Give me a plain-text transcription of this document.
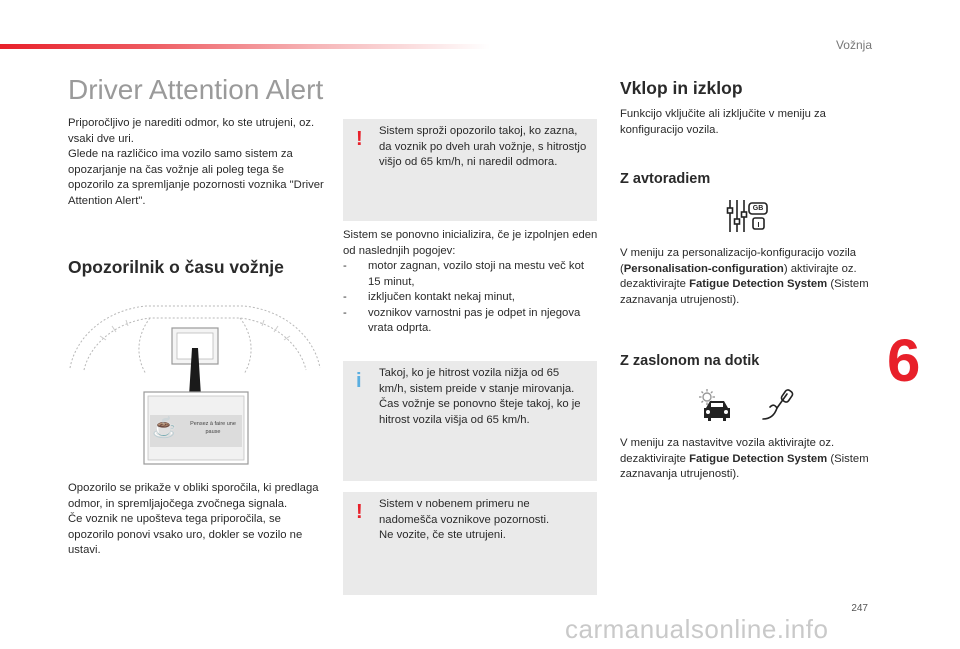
Vožnja
Driver Attention Alert

Priporočljivo je narediti odmor, ko ste utrujeni, oz. vsaki dve uri.

Glede na različico ima vozilo samo sistem za opozarjanje na čas vožnje ali poleg tega še opozorilo za spremljanje pozornosti voznika "Driver Attention Alert".

Opozorilnik o času vožnje
☕	Pensez à faire une
pause

Opozorilo se prikaže v obliki sporočila, ki predlaga odmor, in spremljajočega zvočnega signala.

Če voznik ne upošteva tega priporočila, se opozorilo ponovi vsako uro, dokler se vozilo ne ustavi.

! Sistem sproži opozorilo takoj, ko zazna, da voznik po dveh urah vožnje, s hitrostjo višjo od 65 km/h, ni naredil odmora.

Sistem se ponovno inicializira, če je izpolnjen eden od naslednjih pogojev:

- motor zagnan, vozilo stoji na mestu več kot 15 minut,
- izključen kontakt nekaj minut,
- voznikov varnostni pas je odpet in njegova vrata odprta.
i Takoj, ko je hitrost vozila nižja od 65 km/h, sistem preide v stanje mirovanja.

Čas vožnje se ponovno šteje takoj, ko je hitrost vozila višja od 65 km/h.

! Sistem v nobenem primeru ne nadomešča voznikove pozornosti.

Ne vozite, če ste utrujeni.

Vklop in izklop

Funkcijo vključite ali izključite v meniju za konfiguracijo vozila.

Z avtoradiem
GB
I

V meniju za personalizacijo-konfiguracijo vozila (Personalisation-configuration) aktivirajte oz. dezaktivirajte Fatigue Detection System (Sistem zaznavanja utrujenosti).

Z zaslonom na dotik

V meniju za nastavitve vozila aktivirajte oz. dezaktivirajte Fatigue Detection System (Sistem zaznavanja utrujenosti).

6
247
carmanualsonline.info
